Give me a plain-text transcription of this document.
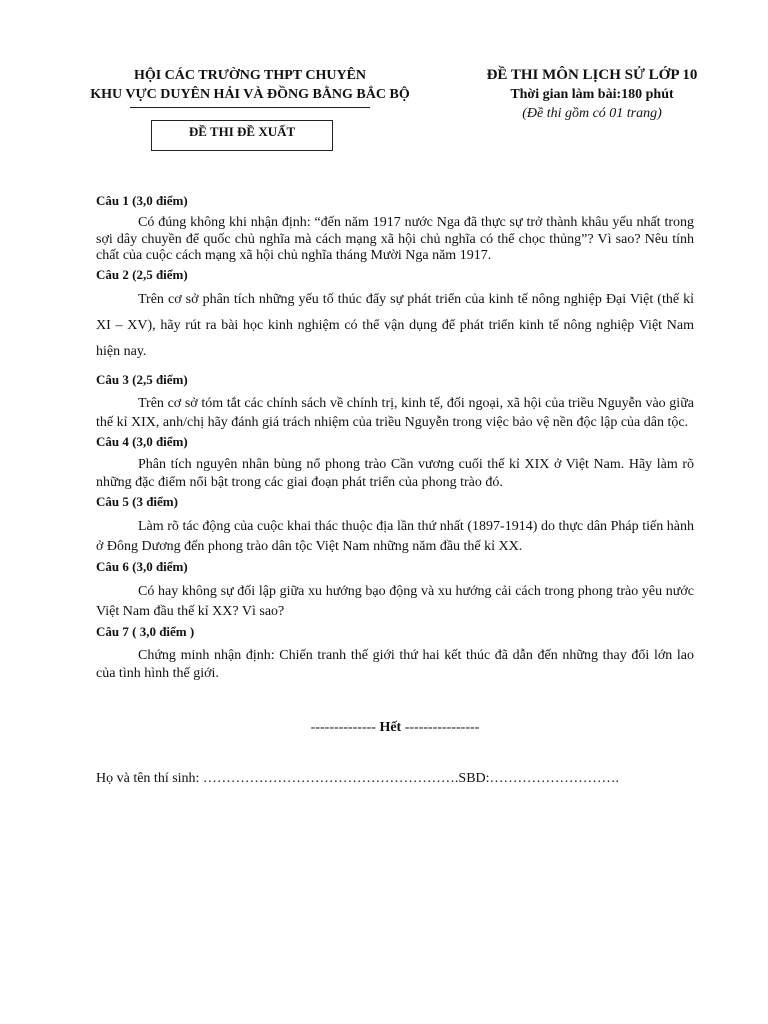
HỘI CÁC TRƯỜNG THPT CHUYÊN
KHU VỰC DUYÊN HẢI VÀ ĐỒNG BẰNG BẮC BỘ
ĐỀ THI ĐỀ XUẤT
ĐỀ THI MÔN LỊCH SỬ LỚP 10
Thời gian làm bài:180 phút
(Đề thi gồm có 01 trang)
Câu 1 (3,0 điểm)

Có đúng không khi nhận định: “đến năm 1917 nước Nga đã thực sự trở thành khâu yếu nhất trong sợi dây chuyền để quốc chủ nghĩa mà cách mạng xã hội chủ nghĩa có thể chọc thủng”? Vì sao? Nêu tính chất của cuộc cách mạng xã hội chủ nghĩa tháng Mười Nga năm 1917.

Câu 2 (2,5 điểm)

Trên cơ sở phân tích những yếu tố thúc đẩy sự phát triển của kinh tế nông nghiệp Đại Việt (thế kỉ XI – XV), hãy rút ra bài học kinh nghiệm có thể vận dụng để phát triển kinh tế nông nghiệp Việt Nam hiện nay.

Câu 3 (2,5 điểm)

Trên cơ sở tóm tắt các chính sách về chính trị, kinh tế, đối ngoại, xã hội của triều Nguyễn vào giữa thế kỉ XIX, anh/chị hãy đánh giá trách nhiệm của triều Nguyễn trong việc bảo vệ nền độc lập của dân tộc.

Câu 4 (3,0 điểm)

Phân tích nguyên nhân bùng nổ phong trào Cần vương cuối thế kỉ XIX ở Việt Nam. Hãy làm rõ những đặc điểm nổi bật trong các giai đoạn phát triển của phong trào đó.

Câu 5 (3 điểm)

Làm rõ tác động của cuộc khai thác thuộc địa lần thứ nhất (1897-1914) do thực dân Pháp tiến hành ở Đông Dương đến phong trào dân tộc Việt Nam những năm đầu thế kỉ XX.

Câu 6 (3,0 điểm)

Có hay không sự đối lập giữa xu hướng bạo động và xu hướng cải cách trong phong trào yêu nước Việt Nam đầu thế kỉ XX? Vì sao?

Câu 7 ( 3,0 điểm )

Chứng minh nhận định: Chiến tranh thế giới thứ hai kết thúc đã dẫn đến những thay đổi lớn lao của tình hình thế giới.

-------------- Hết ----------------
Họ và tên thí sinh: ……………………………………………….SBD:……………………….
